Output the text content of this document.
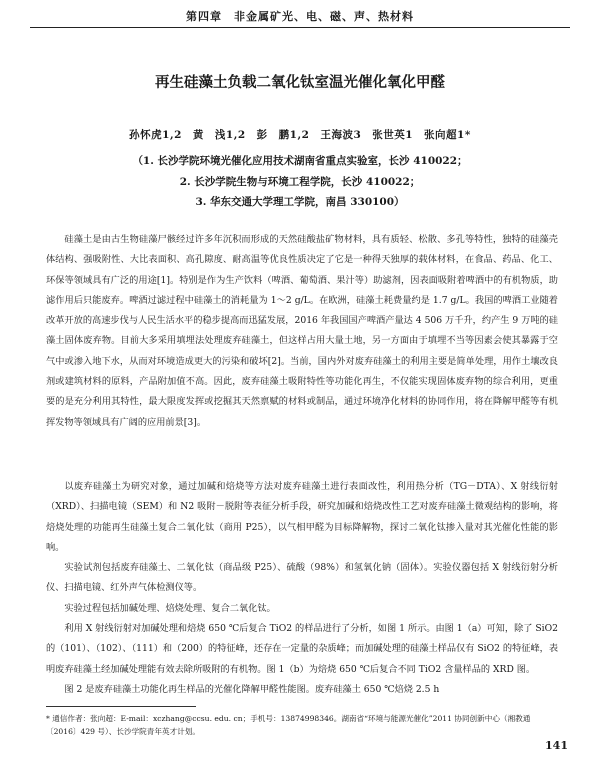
第四章　非金属矿光、电、磁、声、热材料
再生硅藻土负载二氧化钛室温光催化氧化甲醛
孙怀虎1,2　黄　浅1,2　彭　鹏1,2　王海波3　张世英1　张向超1*
（1. 长沙学院环境光催化应用技术湖南省重点实验室，长沙 410022；
2. 长沙学院生物与环境工程学院，长沙 410022；
3. 华东交通大学理工学院，南昌 330100）

硅藻土是由古生物硅藻尸骸经过许多年沉积而形成的天然硅酸盐矿物材料，具有质轻、松散、多孔等特性，独特的硅藻壳体结构、强吸附性、大比表面积、高孔隙度、耐高温等优良性质决定了它是一种得天独厚的载体材料，在食品、药品、化工、环保等领域具有广泛的用途[1]。特别是作为生产饮料（啤酒、葡萄酒、果汁等）助滤剂，因表面吸附着啤酒中的有机物质，助滤作用后只能废弃。啤酒过滤过程中硅藻土的消耗量为 1～2 g/L。在欧洲，硅藻土耗费量约是 1.7 g/L。我国的啤酒工业随着改革开放的高速步伐与人民生活水平的稳步提高而迅猛发展，2016 年我国国产啤酒产量达 4 506 万千升，约产生 9 万吨的硅藻土固体废弃物。目前大多采用填埋法处理废弃硅藻土，但这样占用大量土地，另一方面由于填埋不当等因素会使其暴露于空气中或渗入地下水，从而对环境造成更大的污染和破坏[2]。当前，国内外对废弃硅藻土的利用主要是简单处理，用作土壤改良剂或建筑材料的原料，产品附加值不高。因此，废弃硅藻土吸附特性等功能化再生，不仅能实现固体废弃物的综合利用，更重要的是充分利用其特性，最大限度发挥或挖掘其天然禀赋的材料或制品，通过环境净化材料的协同作用，将在降解甲醛等有机挥发物等领域具有广阔的应用前景[3]。

以废弃硅藻土为研究对象，通过加碱和焙烧等方法对废弃硅藻土进行表面改性，利用热分析（TG－DTA）、X 射线衍射（XRD）、扫描电镜（SEM）和 N2 吸附－脱附等表征分析手段，研究加碱和焙烧改性工艺对废弃硅藻土微观结构的影响，将焙烧处理的功能再生硅藻土复合二氧化钛（商用 P25），以气相甲醛为目标降解物，探讨二氧化钛掺入量对其光催化性能的影响。

实验试剂包括废弃硅藻土、二氧化钛（商品级 P25）、硫酸（98%）和氢氧化钠（固体）。实验仪器包括 X 射线衍射分析仪、扫描电镜、红外声气体检测仪等。

实验过程包括加碱处理、焙烧处理、复合二氧化钛。

利用 X 射线衍射对加碱处理和焙烧 650 ℃后复合 TiO2 的样品进行了分析，如图 1 所示。由图 1（a）可知，除了 SiO2 的（101）、（102）、（111）和（200）的特征峰，还存在一定量的杂质峰；而加碱处理的硅藻土样品仅有 SiO2 的特征峰，表明废弃硅藻土经加碱处理能有效去除所吸附的有机物。图 1（b）为焙烧 650 ℃后复合不同 TiO2 含量样品的 XRD 图。

图 2 是废弃硅藻土功能化再生样品的光催化降解甲醛性能图。废弃硅藻土 650 ℃焙烧 2.5 h

* 通信作者：张向超：E-mail：xczhang@ccsu. edu. cn；手机号：13874998346。湖南省“环境与能源光催化”2011 协同创新中心（湘教通〔2016〕429 号）、长沙学院青年英才计划。
141
